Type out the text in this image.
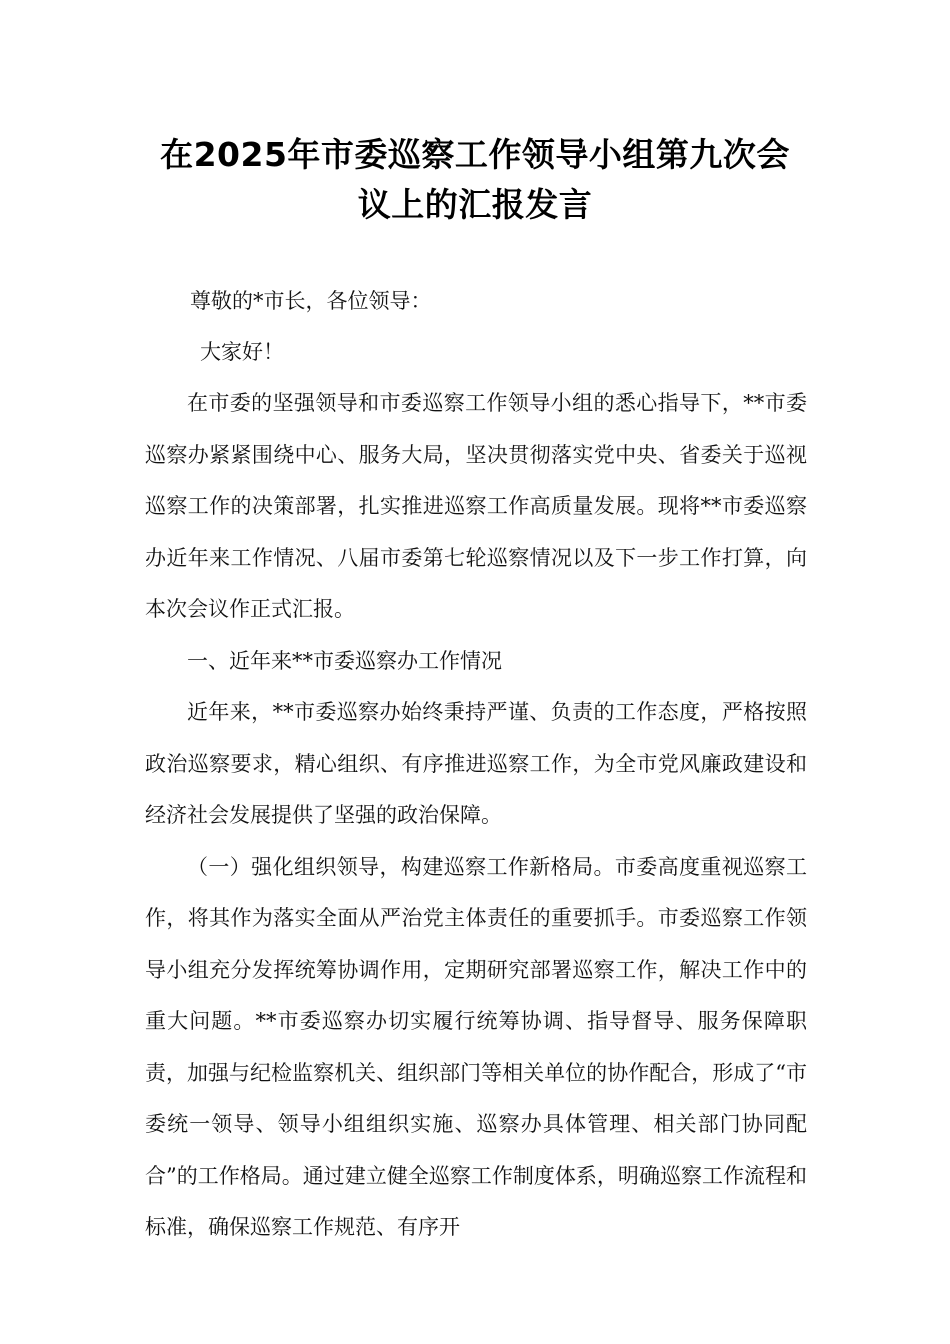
在2025年市委巡察工作领导小组第九次会
议上的汇报发言
尊敬的*市长，各位领导：
大家好！

在市委的坚强领导和市委巡察工作领导小组的悉心指导下，**市委巡察办紧紧围绕中心、服务大局，坚决贯彻落实党中央、省委关于巡视巡察工作的决策部署，扎实推进巡察工作高质量发展。现将**市委巡察办近年来工作情况、八届市委第七轮巡察情况以及下一步工作打算，向本次会议作正式汇报。

一、近年来**市委巡察办工作情况

近年来，**市委巡察办始终秉持严谨、负责的工作态度，严格按照政治巡察要求，精心组织、有序推进巡察工作，为全市党风廉政建设和经济社会发展提供了坚强的政治保障。

（一）强化组织领导，构建巡察工作新格局。市委高度重视巡察工作，将其作为落实全面从严治党主体责任的重要抓手。市委巡察工作领导小组充分发挥统筹协调作用，定期研究部署巡察工作，解决工作中的重大问题。**市委巡察办切实履行统筹协调、指导督导、服务保障职责，加强与纪检监察机关、组织部门等相关单位的协作配合，形成了“市委统一领导、领导小组组织实施、巡察办具体管理、相关部门协同配合”的工作格局。通过建立健全巡察工作制度体系，明确巡察工作流程和标准，确保巡察工作规范、有序开
